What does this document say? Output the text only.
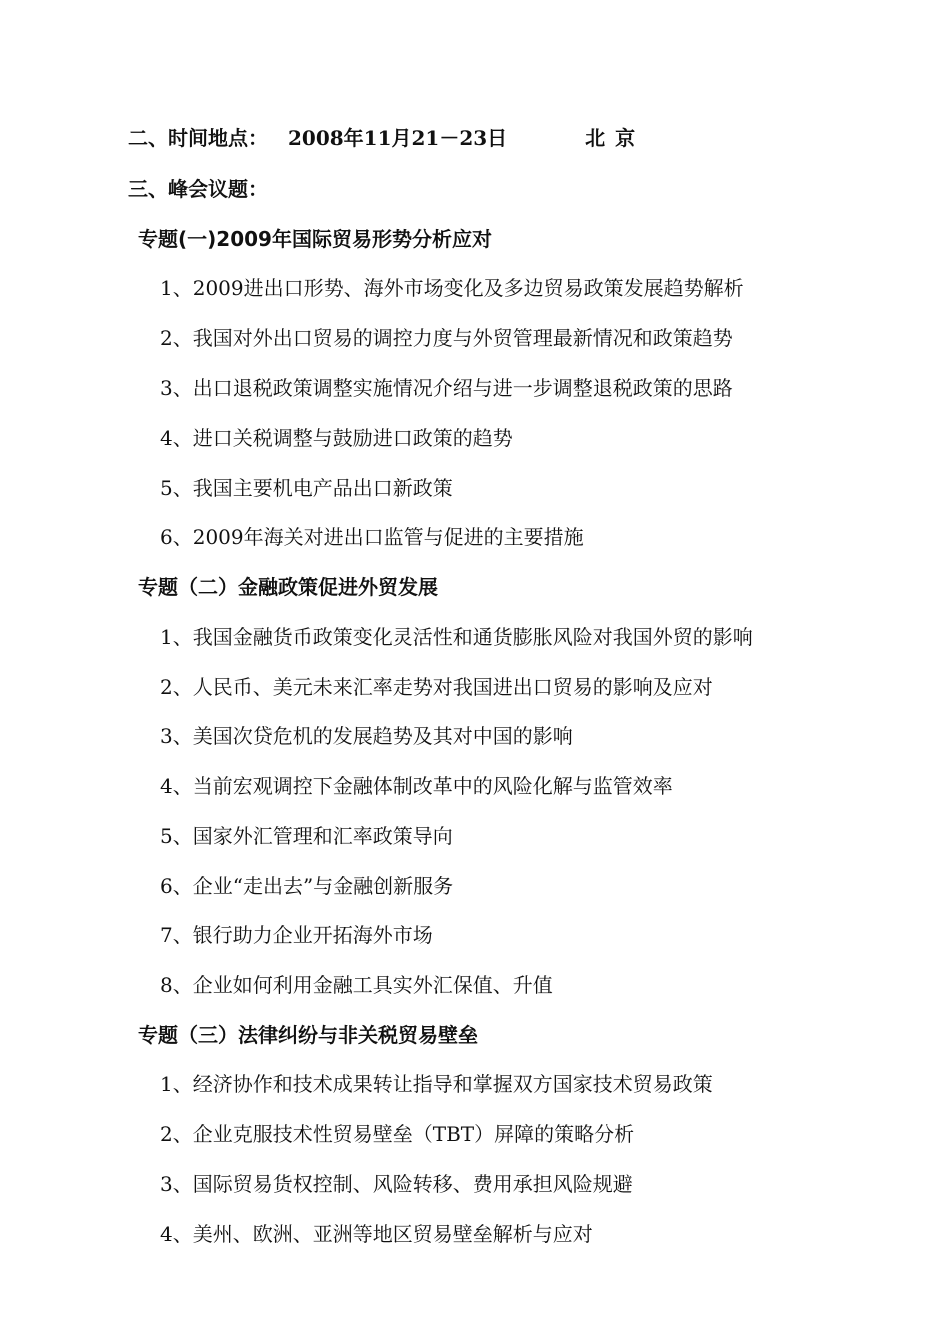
二、时间地点： 2008年11月21－23日	北京
三、峰会议题：
专题(一)2009年国际贸易形势分析应对
1、2009进出口形势、海外市场变化及多边贸易政策发展趋势解析
2、我国对外出口贸易的调控力度与外贸管理最新情况和政策趋势
3、出口退税政策调整实施情况介绍与进一步调整退税政策的思路
4、进口关税调整与鼓励进口政策的趋势
5、我国主要机电产品出口新政策
6、2009年海关对进出口监管与促进的主要措施
专题（二）金融政策促进外贸发展
1、我国金融货币政策变化灵活性和通货膨胀风险对我国外贸的影响
2、人民币、美元未来汇率走势对我国进出口贸易的影响及应对
3、美国次贷危机的发展趋势及其对中国的影响
4、当前宏观调控下金融体制改革中的风险化解与监管效率
5、国家外汇管理和汇率政策导向
6、企业“走出去”与金融创新服务
7、银行助力企业开拓海外市场
8、企业如何利用金融工具实外汇保值、升值
专题（三）法律纠纷与非关税贸易壁垒
1、经济协作和技术成果转让指导和掌握双方国家技术贸易政策
2、企业克服技术性贸易壁垒（TBT）屏障的策略分析
3、国际贸易货权控制、风险转移、费用承担风险规避
4、美州、欧洲、亚洲等地区贸易壁垒解析与应对
